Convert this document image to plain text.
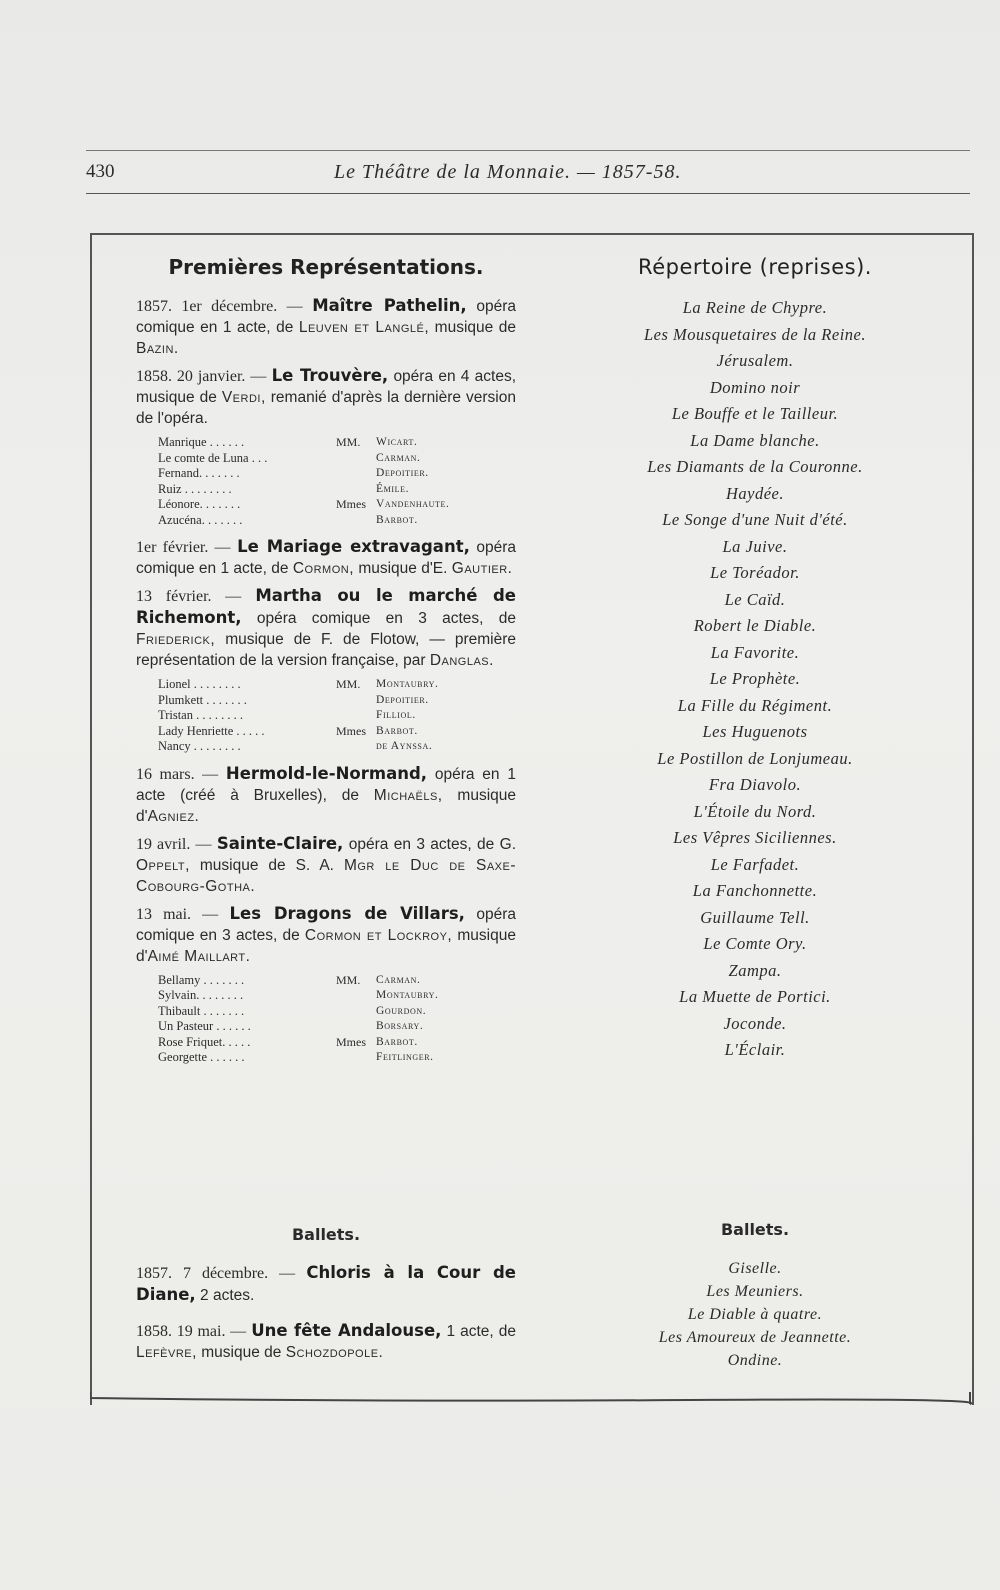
430	Le Théâtre de la Monnaie. — 1857-58.
Premières Représentations.
1857. 1er décembre. — Maître Pathelin, opéra comique en 1 acte, de Leuven et Langlé, musique de Bazin.
1858. 20 janvier. — Le Trouvère, opéra en 4 actes, musique de Verdi, remanié d'après la dernière version de l'opéra.
Manrique . . . . . .	MM.	Wicart.
Le comte de Luna . . .	Carman.
Fernand. . . . . . .	Depoitier.
Ruiz . . . . . . . .	Émile.
Léonore. . . . . . .	Mmes Vandenhaute.
Azucéna. . . . . . .	Barbot.
1er février. — Le Mariage extravagant, opéra comique en 1 acte, de Cormon, musique d'E. Gautier.
13 février. — Martha ou le marché de Richemont, opéra comique en 3 actes, de Friederick, musique de F. de Flotow, — première représentation de la version française, par Danglas.
Lionel . . . . . . . .	MM.	Montaubry.
Plumkett . . . . . . .	Depoitier.
Tristan . . . . . . . .	Filliol.
Lady Henriette . . . . .	Mmes Barbot.
Nancy . . . . . . . .	de Aynssa.
16 mars. — Hermold-le-Normand, opéra en 1 acte (créé à Bruxelles), de Michaëls, musique d'Agniez.
19 avril. — Sainte-Claire, opéra en 3 actes, de G. Oppelt, musique de S. A. Mgr le Duc de Saxe-Cobourg-Gotha.
13 mai. — Les Dragons de Villars, opéra comique en 3 actes, de Cormon et Lockroy, musique d'Aimé Maillart.
Bellamy . . . . . . .	MM.	Carman.
Sylvain. . . . . . . .	Montaubry.
Thibault . . . . . . .	Gourdon.
Un Pasteur . . . . . .	Borsary.
Rose Friquet. . . . .	Mmes Barbot.
Georgette . . . . . .	Feitlinger.
Répertoire (reprises).
La Reine de Chypre.
Les Mousquetaires de la Reine.
Jérusalem.
Domino noir
Le Bouffe et le Tailleur.
La Dame blanche.
Les Diamants de la Couronne.
Haydée.
Le Songe d'une Nuit d'été.
La Juive.
Le Toréador.
Le Caïd.
Robert le Diable.
La Favorite.
Le Prophète.
La Fille du Régiment.
Les Huguenots
Le Postillon de Lonjumeau.
Fra Diavolo.
L'Étoile du Nord.
Les Vêpres Siciliennes.
Le Farfadet.
La Fanchonnette.
Guillaume Tell.
Le Comte Ory.
Zampa.
La Muette de Portici.
Joconde.
L'Éclair.
Ballets.
1857. 7 décembre. — Chloris à la Cour de Diane, 2 actes.
1858. 19 mai. — Une fête Andalouse, 1 acte, de Lefèvre, musique de Schozdopole.
Ballets.
Giselle.
Les Meuniers.
Le Diable à quatre.
Les Amoureux de Jeannette.
Ondine.
